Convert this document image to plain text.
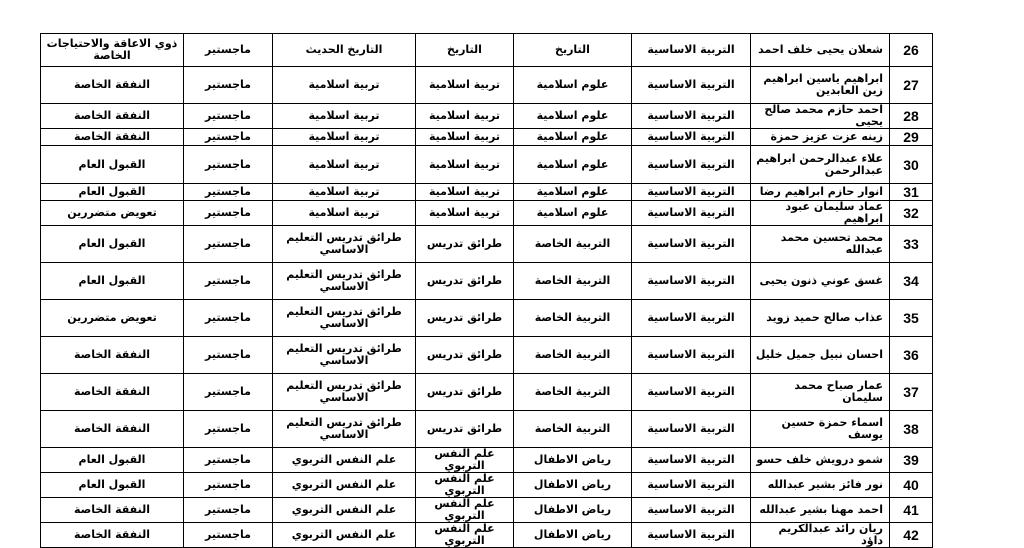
26	شعلان يحيى خلف احمد	التربية الاساسية	التاريخ	التاريخ	التاريخ الحديث	ماجستير	ذوي الاعاقة والاحتياجات الخاصة
27	ابراهيم ياسين ابراهيم زين العابدين	التربية الاساسية	علوم اسلامية	تربية اسلامية	تربية اسلامية	ماجستير	النفقة الخاصة
28	احمد حازم محمد صالح يحيى	التربية الاساسية	علوم اسلامية	تربية اسلامية	تربية اسلامية	ماجستير	النفقة الخاصة
29	زينه عزت عزيز حمزة	التربية الاساسية	علوم اسلامية	تربية اسلامية	تربية اسلامية	ماجستير	النفقة الخاصة
30	علاء عبدالرحمن ابراهيم عبدالرحمن	التربية الاساسية	علوم اسلامية	تربية اسلامية	تربية اسلامية	ماجستير	القبول العام
31	انوار حازم ابراهيم رضا	التربية الاساسية	علوم اسلامية	تربية اسلامية	تربية اسلامية	ماجستير	القبول العام
32	عماد سليمان عبود ابراهيم	التربية الاساسية	علوم اسلامية	تربية اسلامية	تربية اسلامية	ماجستير	تعويض متضررين
33	محمد تحسين محمد عبدالله	التربية الاساسية	التربية الخاصة	طرائق تدريس	طرائق تدريس التعليم الاساسي	ماجستير	القبول العام
34	غسق عوني ذنون يحيى	التربية الاساسية	التربية الخاصة	طرائق تدريس	طرائق تدريس التعليم الاساسي	ماجستير	القبول العام
35	عذاب صالح حميد زويد	التربية الاساسية	التربية الخاصة	طرائق تدريس	طرائق تدريس التعليم الاساسي	ماجستير	تعويض متضررين
36	احسان نبيل جميل خليل	التربية الاساسية	التربية الخاصة	طرائق تدريس	طرائق تدريس التعليم الاساسي	ماجستير	النفقة الخاصة
37	عمار صباح محمد سليمان	التربية الاساسية	التربية الخاصة	طرائق تدريس	طرائق تدريس التعليم الاساسي	ماجستير	النفقة الخاصة
38	اسماء حمزة حسين يوسف	التربية الاساسية	التربية الخاصة	طرائق تدريس	طرائق تدريس التعليم الاساسي	ماجستير	النفقة الخاصة
39	شمو درويش خلف حسو	التربية الاساسية	رياض الاطفال	علم النفس التربوي	علم النفس التربوي	ماجستير	القبول العام
40	نور فائز بشير عبدالله	التربية الاساسية	رياض الاطفال	علم النفس التربوي	علم النفس التربوي	ماجستير	القبول العام
41	احمد مهنا بشير عبدالله	التربية الاساسية	رياض الاطفال	علم النفس التربوي	علم النفس التربوي	ماجستير	النفقة الخاصة
42	ريان رائد عبدالكريم داؤد	التربية الاساسية	رياض الاطفال	علم النفس التربوي	علم النفس التربوي	ماجستير	النفقة الخاصة
